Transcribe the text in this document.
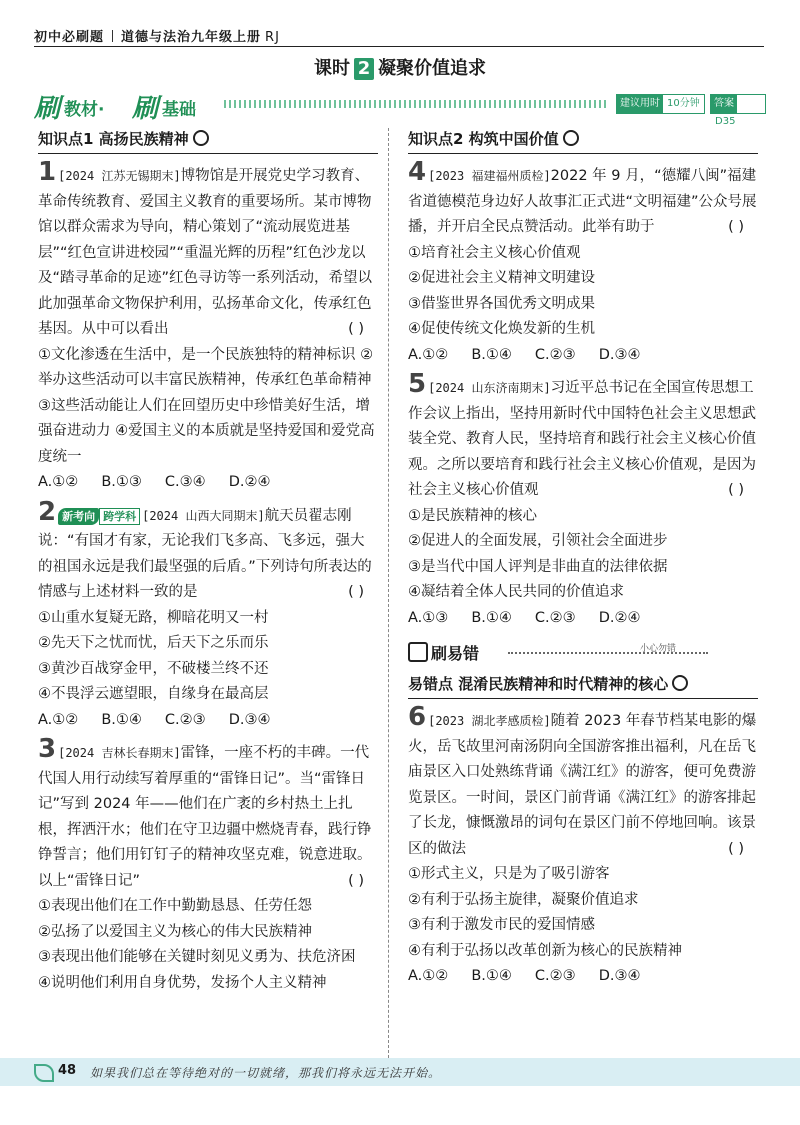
初中必刷题 道德与法治九年级上册 RJ
课时 2 凝聚价值追求
刷 教材· 刷 基础	建议用时 10分钟	答案D35
知识点1 高扬民族精神
1 [2024 江苏无锡期末]博物馆是开展党史学习教育、革命传统教育、爱国主义教育的重要场所。某市博物馆以群众需求为导向，精心策划了“流动展览进基层”“红色宣讲进校园”“重温光辉的历程”红色沙龙以及“踏寻革命的足迹”红色寻访等一系列活动，希望以此加强革命文物保护利用，弘扬革命文化，传承红色基因。从中可以看出	( )
①文化渗透在生活中，是一个民族独特的精神标识 ②举办这些活动可以丰富民族精神，传承红色革命精神 ③这些活动能让人们在回望历史中珍惜美好生活，增强奋进动力 ④爱国主义的本质就是坚持爱国和爱党高度统一
A.①②     B.①③     C.③④     D.②④
2 新考向 跨学科 [2024 山西大同期末]航天员翟志刚说：“有国才有家，无论我们飞多高、飞多远，强大的祖国永远是我们最坚强的后盾。”下列诗句所表达的情感与上述材料一致的是	( )
①山重水复疑无路，柳暗花明又一村
②先天下之忧而忧，后天下之乐而乐
③黄沙百战穿金甲，不破楼兰终不还
④不畏浮云遮望眼，自缘身在最高层
A.①②     B.①④     C.②③     D.③④
3 [2024 吉林长春期末]雷锋，一座不朽的丰碑。一代代国人用行动续写着厚重的“雷锋日记”。当“雷锋日记”写到 2024 年——他们在广袤的乡村热土上扎根，挥洒汗水；他们在守卫边疆中燃烧青春，践行铮铮誓言；他们用钉钉子的精神攻坚克难，锐意进取。以上“雷锋日记”	( )
①表现出他们在工作中勤勤恳恳、任劳任怨
②弘扬了以爱国主义为核心的伟大民族精神
③表现出他们能够在关键时刻见义勇为、扶危济困
④说明他们利用自身优势，发扬个人主义精神
知识点2 构筑中国价值
4 [2023 福建福州质检]2022 年 9 月，“德耀八闽”福建省道德模范身边好人故事汇正式进“文明福建”公众号展播，并开启全民点赞活动。此举有助于	( )
①培育社会主义核心价值观
②促进社会主义精神文明建设
③借鉴世界各国优秀文明成果
④促使传统文化焕发新的生机
A.①②     B.①④     C.②③     D.③④
5 [2024 山东济南期末]习近平总书记在全国宣传思想工作会议上指出，坚持用新时代中国特色社会主义思想武装全党、教育人民，坚持培育和践行社会主义核心价值观。之所以要培育和践行社会主义核心价值观，是因为社会主义核心价值观	( )
①是民族精神的核心
②促进人的全面发展，引领社会全面进步
③是当代中国人评判是非曲直的法律依据
④凝结着全体人民共同的价值追求
A.①③     B.①④     C.②③     D.②④
刷易错	小心勿错
易错点 混淆民族精神和时代精神的核心
6 [2023 湖北孝感质检]随着 2023 年春节档某电影的爆火，岳飞故里河南汤阴向全国游客推出福利，凡在岳飞庙景区入口处熟练背诵《满江红》的游客，便可免费游览景区。一时间，景区门前背诵《满江红》的游客排起了长龙，慷慨激昂的词句在景区门前不停地回响。该景区的做法	( )
①形式主义，只是为了吸引游客
②有利于弘扬主旋律，凝聚价值追求
③有利于激发市民的爱国情感
④有利于弘扬以改革创新为核心的民族精神
A.①②     B.①④     C.②③     D.③④
48 如果我们总在等待绝对的一切就绪，那我们将永远无法开始。
